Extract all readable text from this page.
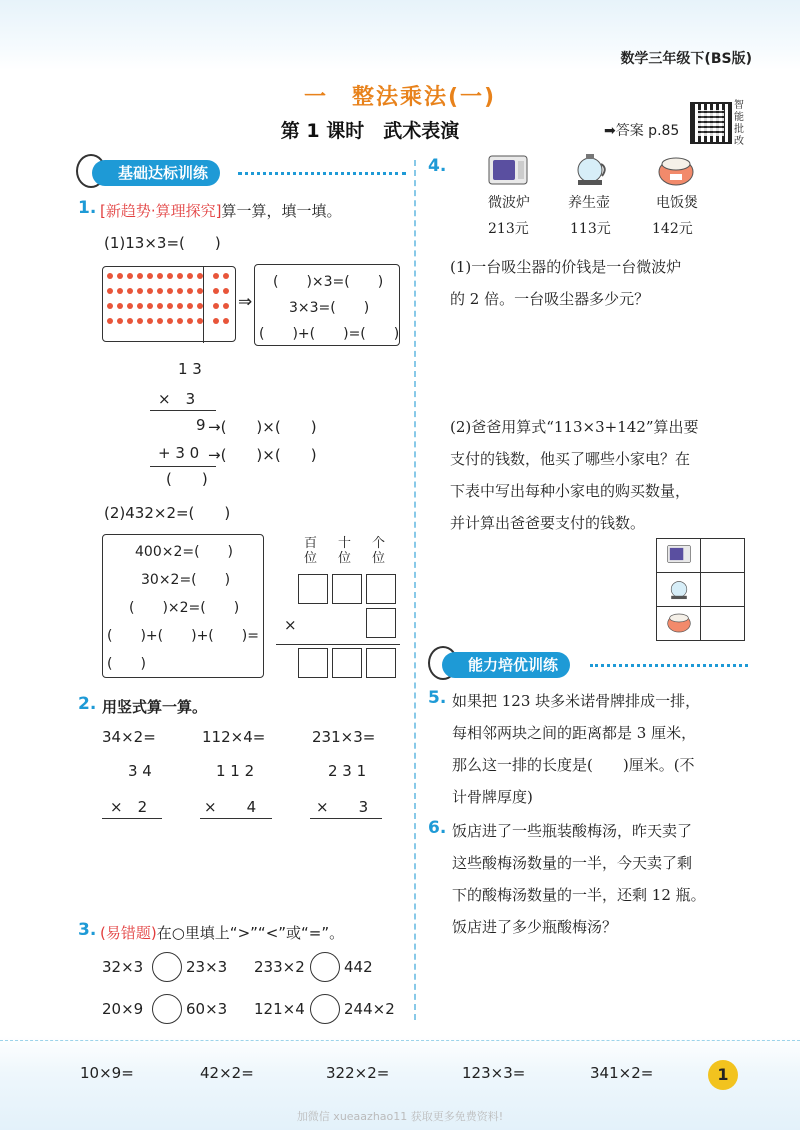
数学三年级下(BS版)
一　整法乘法(一)
第 1 课时　武术表演	➡答案 p.85
智能批改
基础达标训练
1. [新趋势·算理探究]算一算，填一填。
(1)13×3=(　　)
⇒
(　　)×3=(　　)
3×3=(　　)
(　　)+(　　)=(　　)
1 3
×　3
9 →(　　)×(　　)
+ 3 0 →(　　)×(　　)
(　　)
(2)432×2=(　　)
400×2=(　　)
30×2=(　　)
(　　)×2=(　　)
(　　)+(　　)+(　　)=
(　　)
百
位
十
位
个
位
×
2. 用竖式算一算。
34×2=
3 4
×　2
112×4=
1 1 2
×　　4
231×3=
2 3 1
×　　3
3. (易错题)在○里填上“>”“<”或“=”。
32×3	23×3 233×2	442
20×9	60×3 121×4	244×2
4.
微波炉	养生壶	电饭煲
213元	113元	142元
(1)一台吸尘器的价钱是一台微波炉
的 2 倍。一台吸尘器多少元？
(2)爸爸用算式“113×3+142”算出要
支付的钱数，他买了哪些小家电？在
下表中写出每种小家电的购买数量，
并计算出爸爸要支付的钱数。

能力培优训练
5. 如果把 123 块多米诺骨牌排成一排，
每相邻两块之间的距离都是 3 厘米，
那么这一排的长度是(　　)厘米。(不
计骨牌厚度)
6. 饭店进了一些瓶装酸梅汤，昨天卖了
这些酸梅汤数量的一半，今天卖了剩
下的酸梅汤数量的一半，还剩 12 瓶。
饭店进了多少瓶酸梅汤？
10×9=	42×2=	322×2=	123×3=	341×2=	1
加微信 xueaazhao11 获取更多免费资料!
